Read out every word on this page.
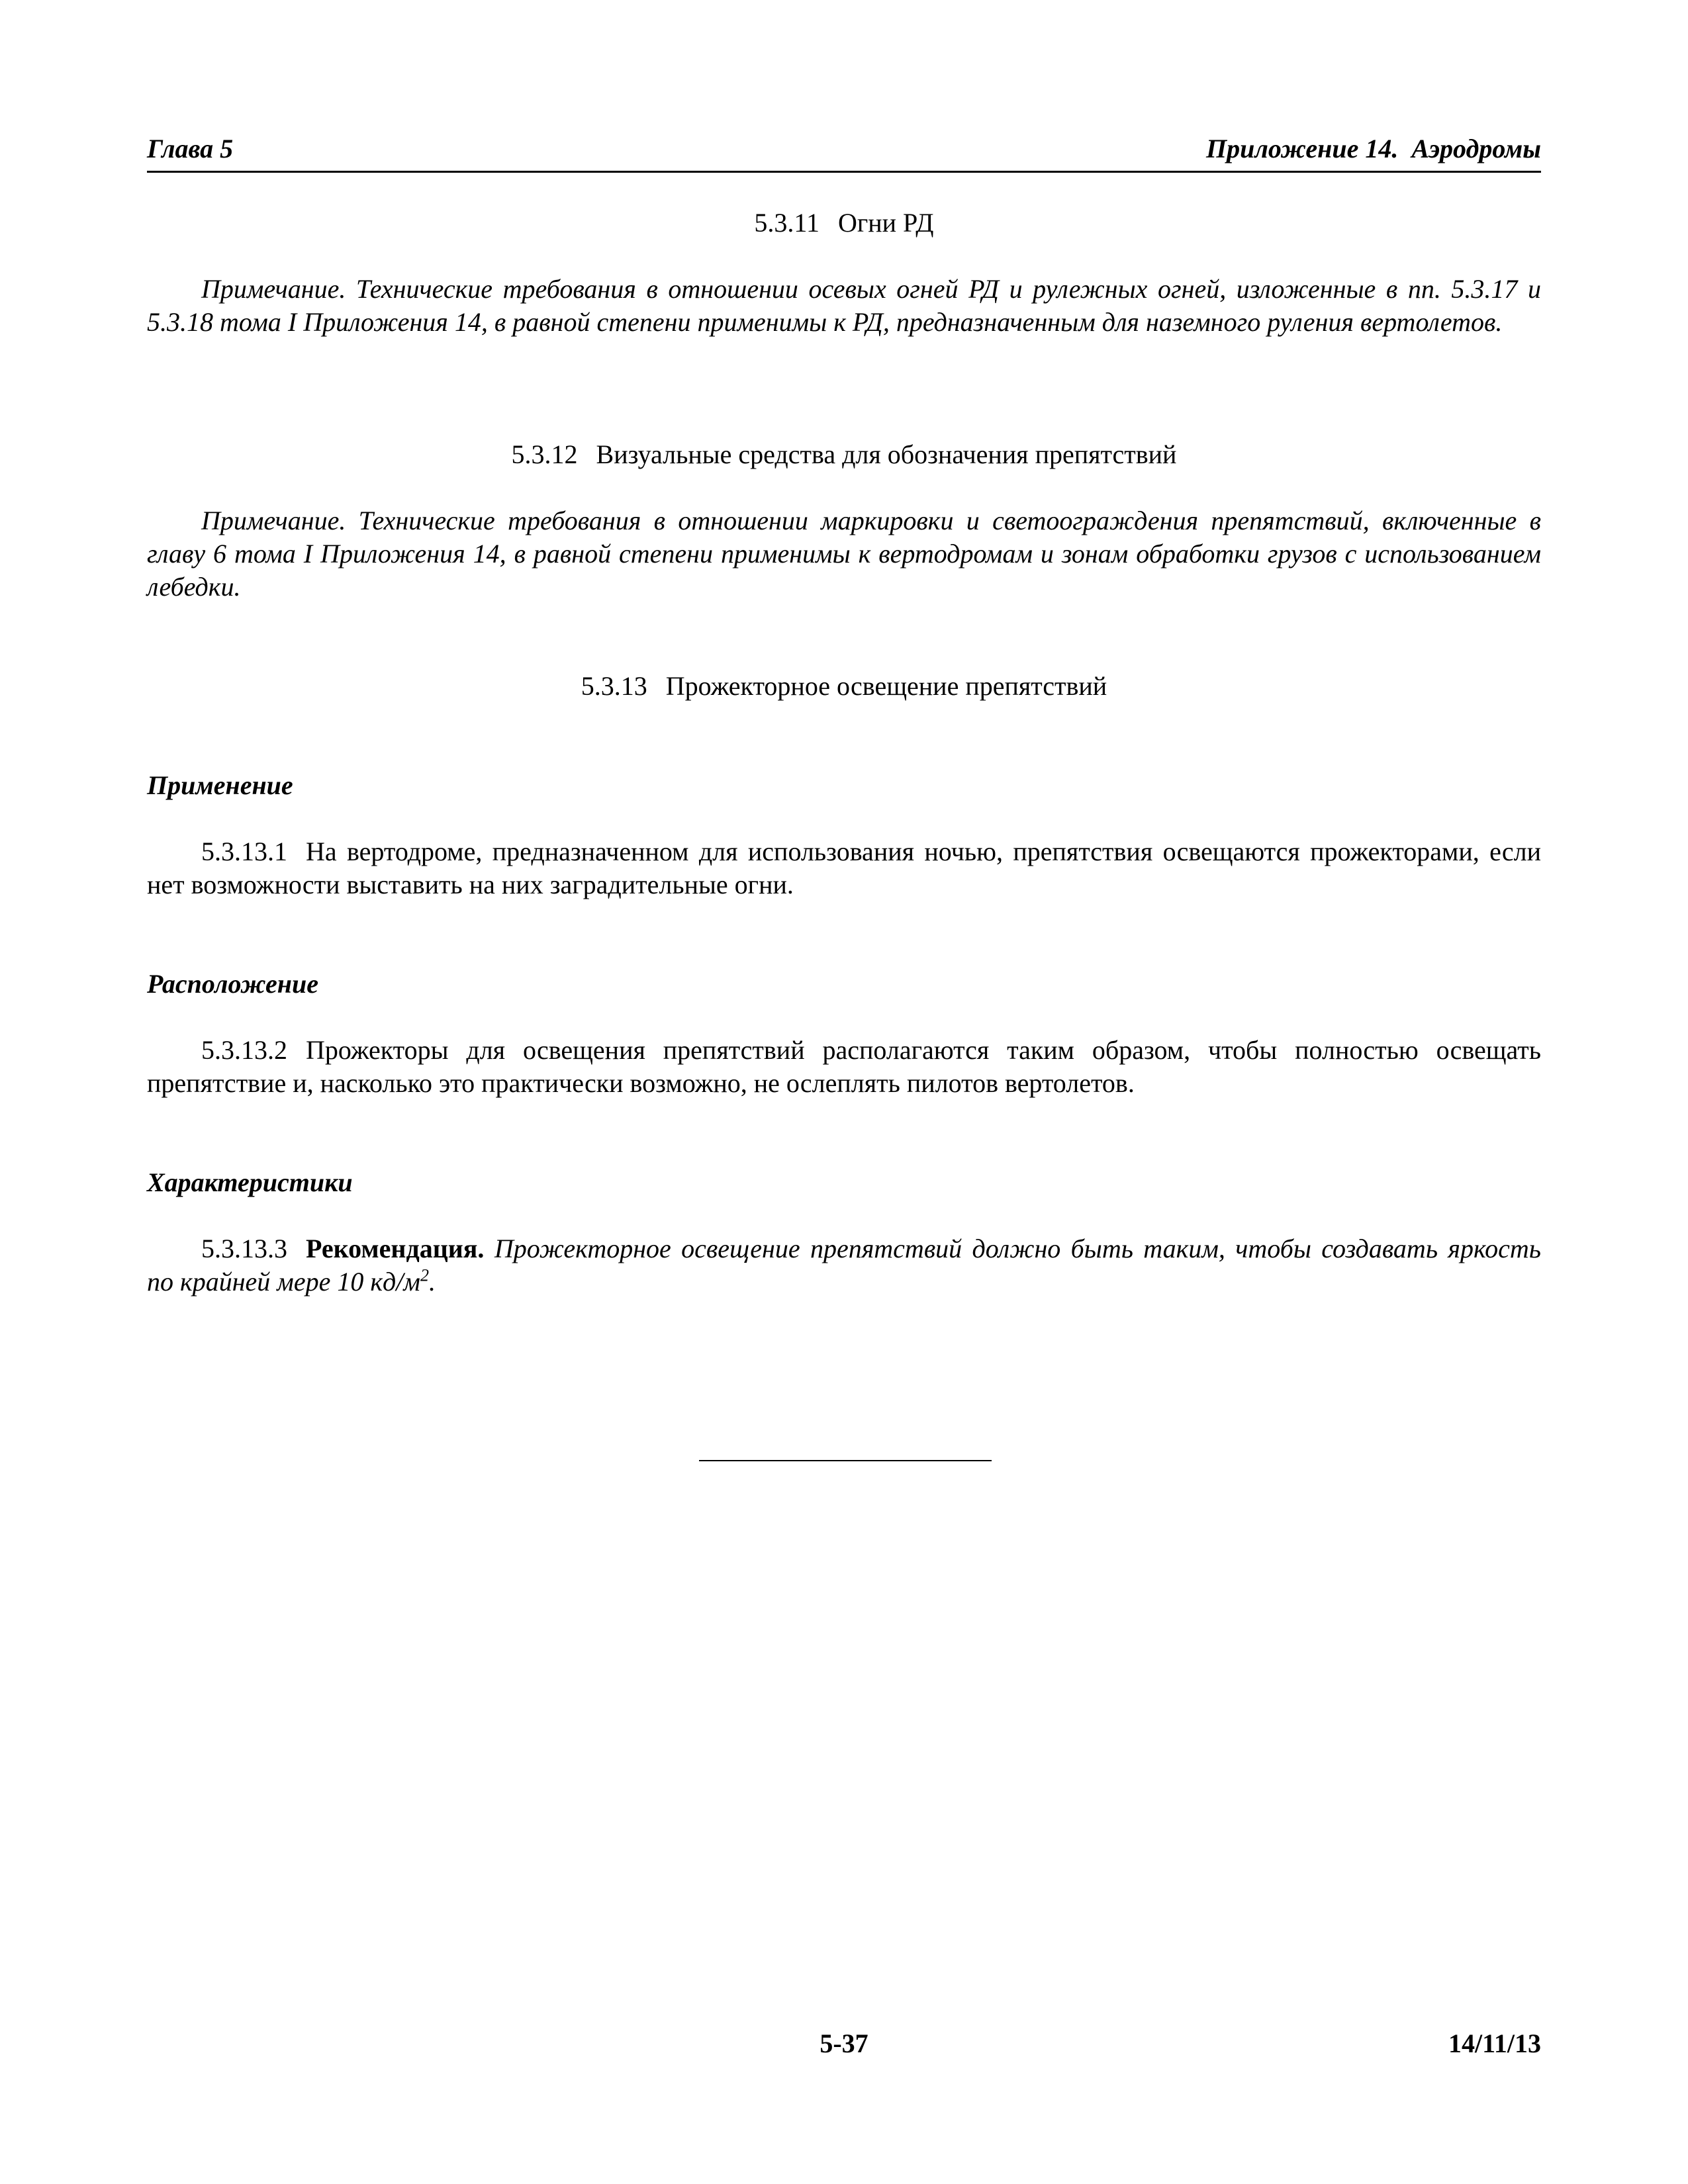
Глава 5	Приложение 14.  Аэродромы
5.3.11 Огни РД

Примечание. Технические требования в отношении осевых огней РД и рулежных огней, изложенные в пп. 5.3.17 и 5.3.18 тома I Приложения 14, в равной степени применимы к РД, предназначенным для наземного руления вертолетов.

5.3.12 Визуальные средства для обозначения препятствий

Примечание. Технические требования в отношении маркировки и светоограждения препятствий, включенные в главу 6 тома I Приложения 14, в равной степени применимы к вертодромам и зонам обработки грузов с использованием лебедки.

5.3.13 Прожекторное освещение препятствий
Применение

5.3.13.1 На вертодроме, предназначенном для использования ночью, препятствия освещаются прожекторами, если нет возможности выставить на них заградительные огни.

Расположение

5.3.13.2 Прожекторы для освещения препятствий располагаются таким образом, чтобы полностью освещать препятствие и, насколько это практически возможно, не ослеплять пилотов вертолетов.

Характеристики

5.3.13.3 Рекомендация. Прожекторное освещение препятствий должно быть таким, чтобы создавать яркость по крайней мере 10 $кд/м^2$.

5-37	14/11/13
